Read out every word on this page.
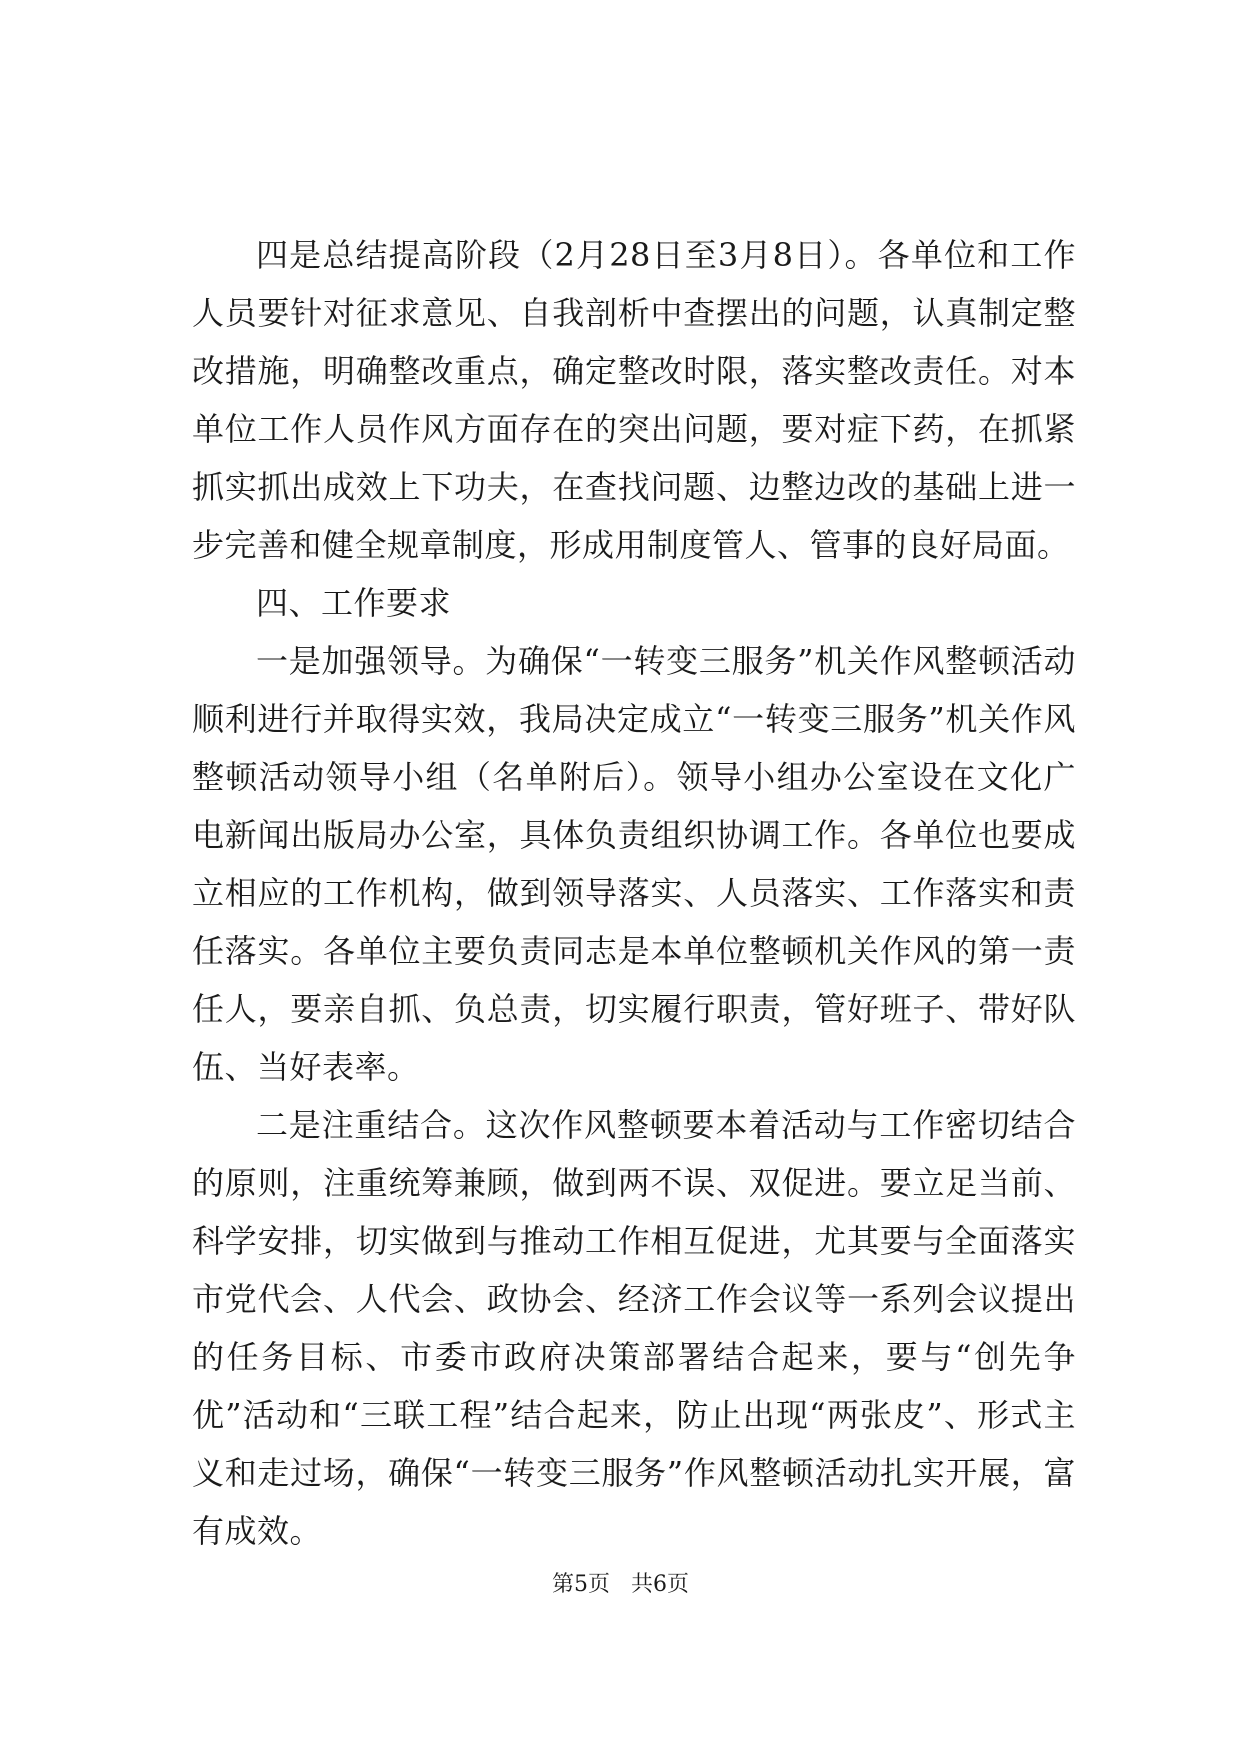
四是总结提高阶段（2月28日至3月8日）。各单位和工作人员要针对征求意见、自我剖析中查摆出的问题，认真制定整改措施，明确整改重点，确定整改时限，落实整改责任。对本单位工作人员作风方面存在的突出问题，要对症下药，在抓紧抓实抓出成效上下功夫，在查找问题、边整边改的基础上进一步完善和健全规章制度，形成用制度管人、管事的良好局面。

四、工作要求

一是加强领导。为确保“一转变三服务”机关作风整顿活动顺利进行并取得实效，我局决定成立“一转变三服务”机关作风整顿活动领导小组（名单附后）。领导小组办公室设在文化广电新闻出版局办公室，具体负责组织协调工作。各单位也要成立相应的工作机构，做到领导落实、人员落实、工作落实和责任落实。各单位主要负责同志是本单位整顿机关作风的第一责任人，要亲自抓、负总责，切实履行职责，管好班子、带好队伍、当好表率。

二是注重结合。这次作风整顿要本着活动与工作密切结合的原则，注重统筹兼顾，做到两不误、双促进。要立足当前、科学安排，切实做到与推动工作相互促进，尤其要与全面落实市党代会、人代会、政协会、经济工作会议等一系列会议提出的任务目标、市委市政府决策部署结合起来，要与“创先争优”活动和“三联工程”结合起来，防止出现“两张皮”、形式主义和走过场，确保“一转变三服务”作风整顿活动扎实开展，富有成效。

第5页 共6页
